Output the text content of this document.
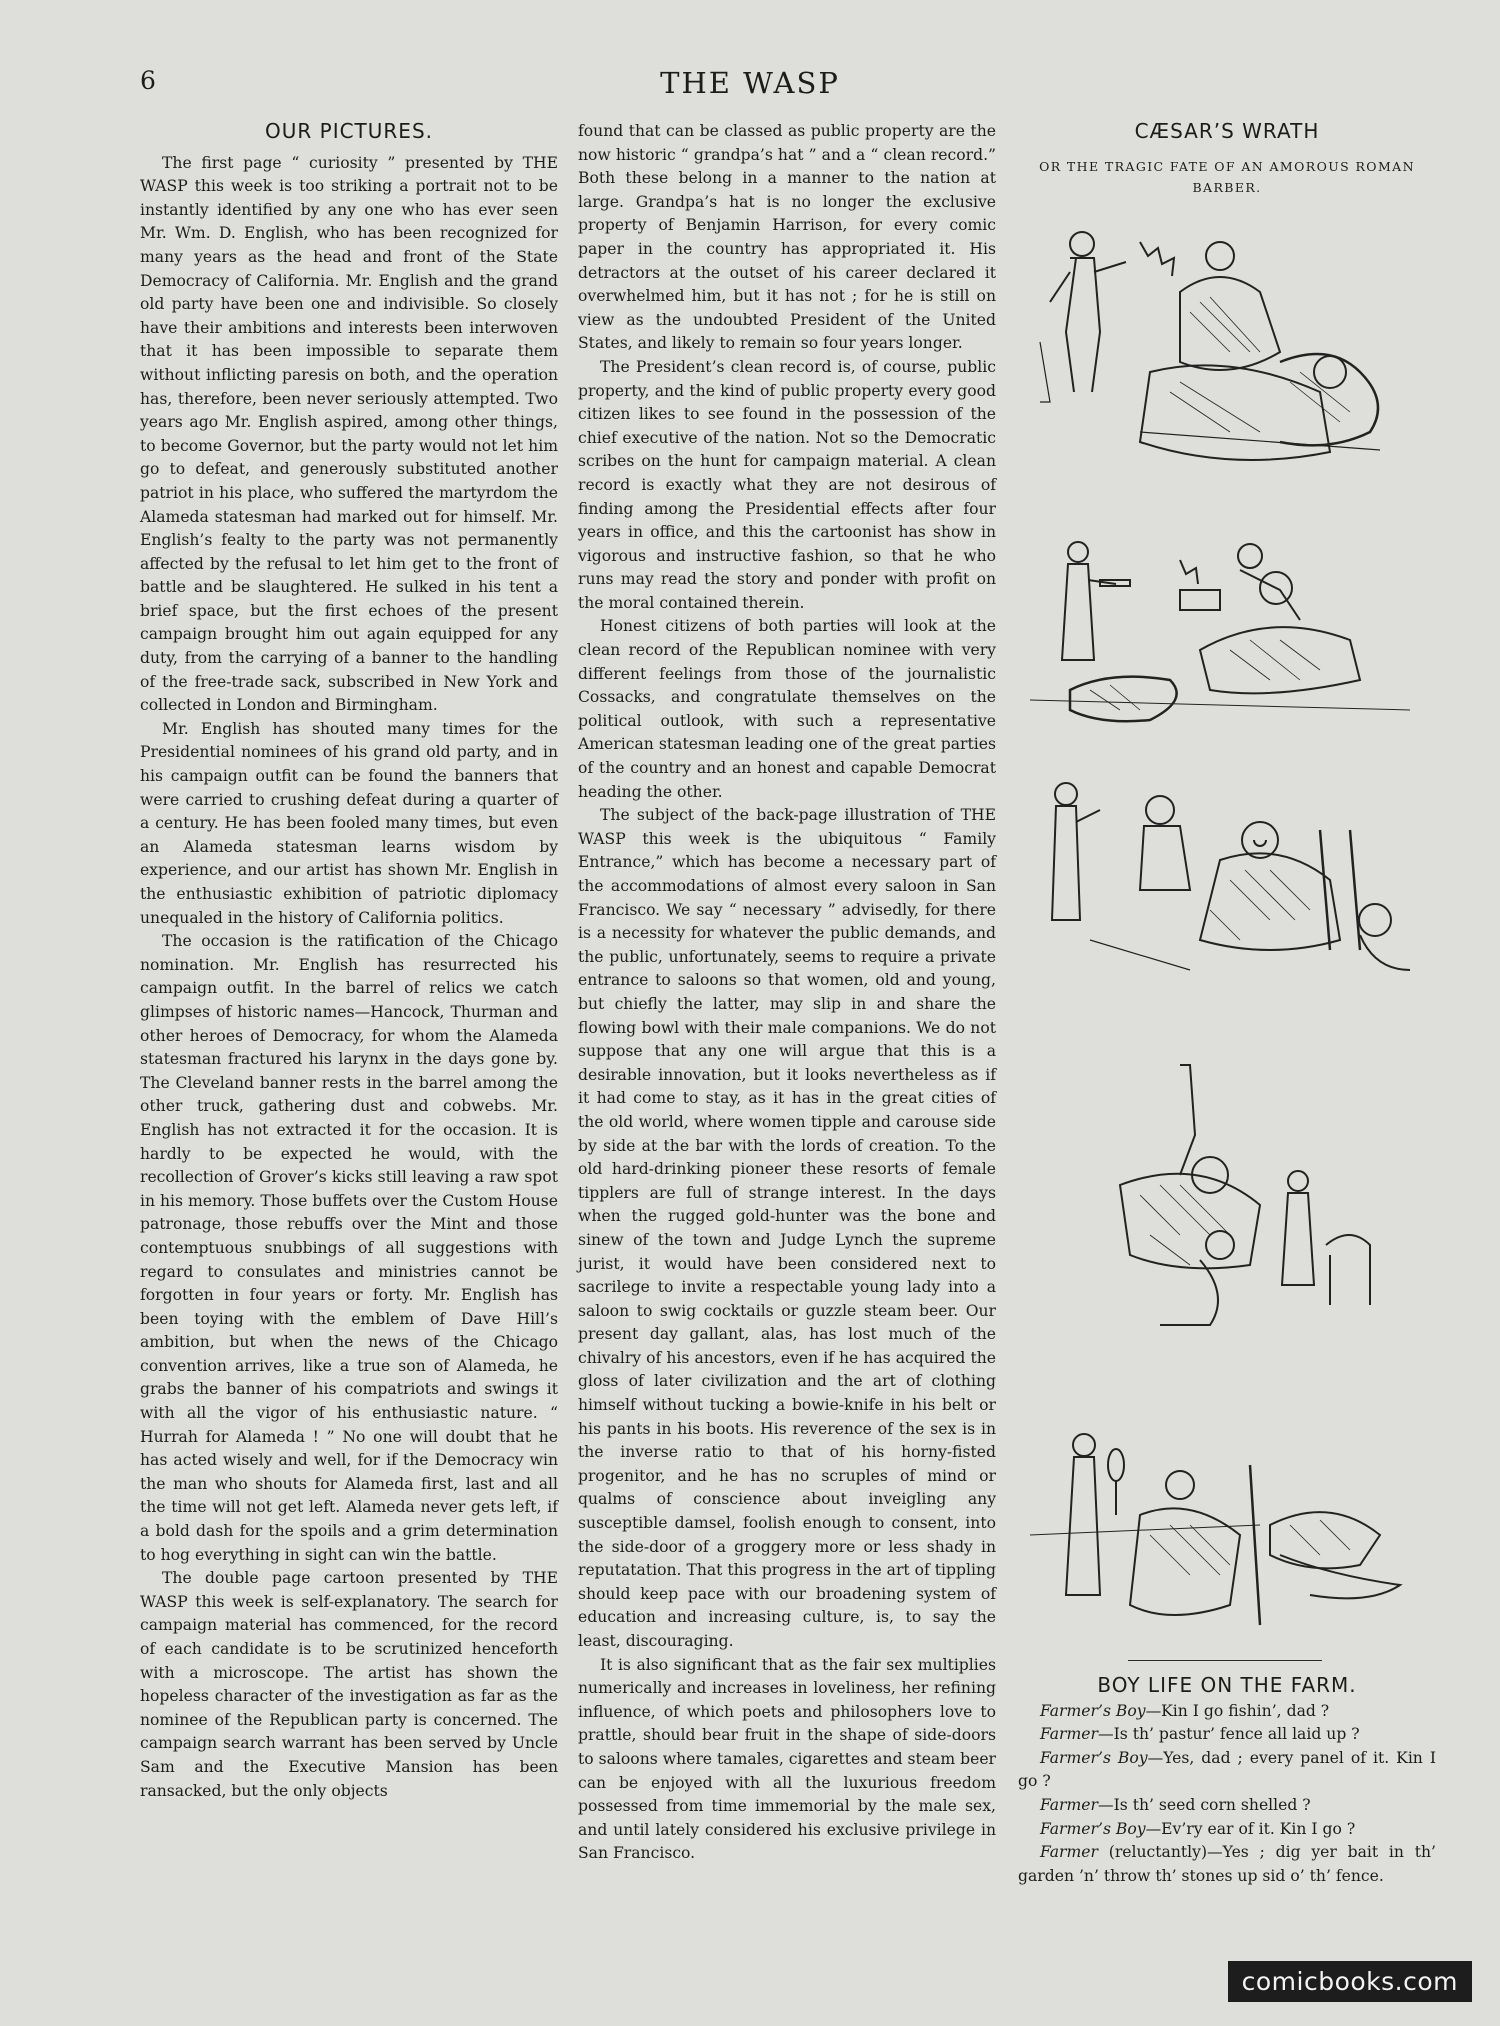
6	THE WASP
OUR PICTURES.

The first page “ curiosity ” presented by THE WASP this week is too striking a portrait not to be instantly identified by any one who has ever seen Mr. Wm. D. English, who has been recognized for many years as the head and front of the State Democracy of California. Mr. English and the grand old party have been one and indivisible. So closely have their ambitions and interests been interwoven that it has been impossible to separate them without inflicting paresis on both, and the operation has, therefore, been never seriously attempted. Two years ago Mr. English aspired, among other things, to become Governor, but the party would not let him go to defeat, and generously substituted another patriot in his place, who suffered the martyrdom the Alameda statesman had marked out for himself. Mr. English’s fealty to the party was not permanently affected by the refusal to let him get to the front of battle and be slaughtered. He sulked in his tent a brief space, but the first echoes of the present campaign brought him out again equipped for any duty, from the carrying of a banner to the handling of the free-trade sack, subscribed in New York and collected in London and Birmingham.

Mr. English has shouted many times for the Presidential nominees of his grand old party, and in his campaign outfit can be found the banners that were carried to crushing defeat during a quarter of a century. He has been fooled many times, but even an Alameda statesman learns wisdom by experience, and our artist has shown Mr. English in the enthusiastic exhibition of patriotic diplomacy unequaled in the history of California politics.

The occasion is the ratification of the Chicago nomination. Mr. English has resurrected his campaign outfit. In the barrel of relics we catch glimpses of historic names—Hancock, Thurman and other heroes of Democracy, for whom the Alameda statesman fractured his larynx in the days gone by. The Cleveland banner rests in the barrel among the other truck, gathering dust and cobwebs. Mr. English has not extracted it for the occasion. It is hardly to be expected he would, with the recollection of Grover’s kicks still leaving a raw spot in his memory. Those buffets over the Custom House patronage, those rebuffs over the Mint and those contemptuous snubbings of all suggestions with regard to consulates and ministries cannot be forgotten in four years or forty. Mr. English has been toying with the emblem of Dave Hill’s ambition, but when the news of the Chicago convention arrives, like a true son of Alameda, he grabs the banner of his compatriots and swings it with all the vigor of his enthusiastic nature. “ Hurrah for Alameda ! ” No one will doubt that he has acted wisely and well, for if the Democracy win the man who shouts for Alameda first, last and all the time will not get left. Alameda never gets left, if a bold dash for the spoils and a grim determination to hog everything in sight can win the battle.

The double page cartoon presented by THE WASP this week is self-explanatory. The search for campaign material has commenced, for the record of each candidate is to be scrutinized henceforth with a microscope. The artist has shown the hopeless character of the investigation as far as the nominee of the Republican party is concerned. The campaign search warrant has been served by Uncle Sam and the Executive Mansion has been ransacked, but the only objects

found that can be classed as public property are the now historic “ grandpa’s hat ” and a “ clean record.” Both these belong in a manner to the nation at large. Grandpa’s hat is no longer the exclusive property of Benjamin Harrison, for every comic paper in the country has appropriated it. His detractors at the outset of his career declared it overwhelmed him, but it has not ; for he is still on view as the undoubted President of the United States, and likely to remain so four years longer.

The President’s clean record is, of course, public property, and the kind of public property every good citizen likes to see found in the possession of the chief executive of the nation. Not so the Democratic scribes on the hunt for campaign material. A clean record is exactly what they are not desirous of finding among the Presidential effects after four years in office, and this the cartoonist has show in vigorous and instructive fashion, so that he who runs may read the story and ponder with profit on the moral contained therein.

Honest citizens of both parties will look at the clean record of the Republican nominee with very different feelings from those of the journalistic Cossacks, and congratulate themselves on the political outlook, with such a representative American statesman leading one of the great parties of the country and an honest and capable Democrat heading the other.

The subject of the back-page illustration of THE WASP this week is the ubiquitous “ Family Entrance,” which has become a necessary part of the accommodations of almost every saloon in San Francisco. We say “ necessary ” advisedly, for there is a necessity for whatever the public demands, and the public, unfortunately, seems to require a private entrance to saloons so that women, old and young, but chiefly the latter, may slip in and share the flowing bowl with their male companions. We do not suppose that any one will argue that this is a desirable innovation, but it looks nevertheless as if it had come to stay, as it has in the great cities of the old world, where women tipple and carouse side by side at the bar with the lords of creation. To the old hard-drinking pioneer these resorts of female tipplers are full of strange interest. In the days when the rugged gold-hunter was the bone and sinew of the town and Judge Lynch the supreme jurist, it would have been considered next to sacrilege to invite a respectable young lady into a saloon to swig cocktails or guzzle steam beer. Our present day gallant, alas, has lost much of the chivalry of his ancestors, even if he has acquired the gloss of later civilization and the art of clothing himself without tucking a bowie-knife in his belt or his pants in his boots. His reverence of the sex is in the inverse ratio to that of his horny-fisted progenitor, and he has no scruples of mind or qualms of conscience about inveigling any susceptible damsel, foolish enough to consent, into the side-door of a groggery more or less shady in reputatation. That this progress in the art of tippling should keep pace with our broadening system of education and increasing culture, is, to say the least, discouraging.

It is also significant that as the fair sex multiplies numerically and increases in loveliness, her refining influence, of which poets and philosophers love to prattle, should bear fruit in the shape of side-doors to saloons where tamales, cigarettes and steam beer can be enjoyed with all the luxurious freedom possessed from time immemorial by the male sex, and until lately considered his exclusive privilege in San Francisco.

CÆSAR’S WRATH
OR THE TRAGIC FATE OF AN AMOROUS ROMAN BARBER.
BOY LIFE ON THE FARM.

Farmer’s Boy—Kin I go fishin’, dad ?

Farmer—Is th’ pastur’ fence all laid up ?

Farmer’s Boy—Yes, dad ; every panel of it. Kin I go ?

Farmer—Is th’ seed corn shelled ?

Farmer’s Boy—Ev’ry ear of it. Kin I go ?

Farmer (reluctantly)—Yes ; dig yer bait in th’ garden ’n’ throw th’ stones up sid o’ th’ fence.

comicbooks.com
